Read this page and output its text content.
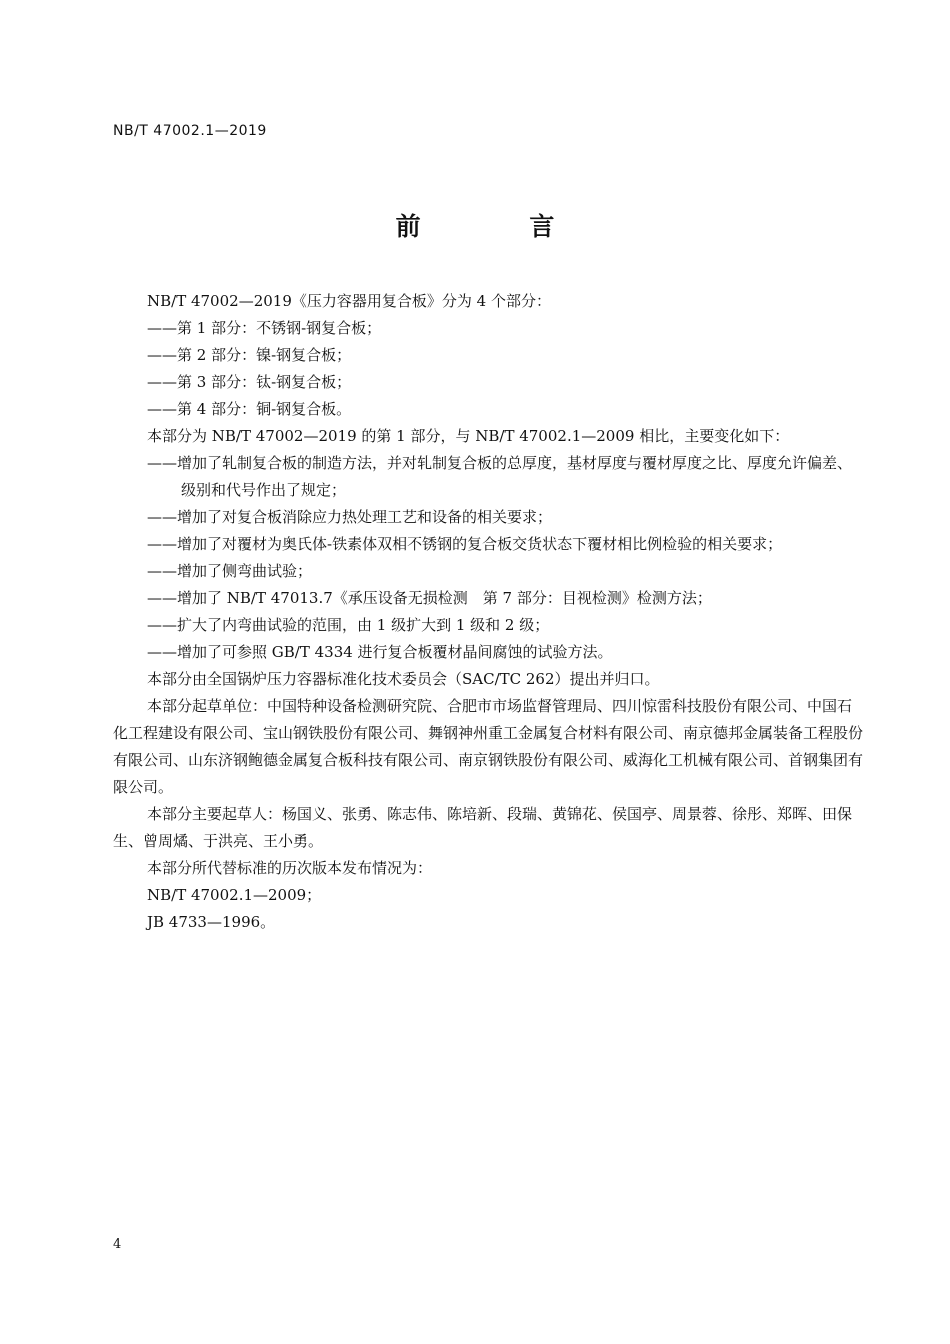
NB/T 47002.1—2019
前 言

NB/T 47002—2019《压力容器用复合板》分为 4 个部分：

——第 1 部分：不锈钢-钢复合板；

——第 2 部分：镍-钢复合板；

——第 3 部分：钛-钢复合板；

——第 4 部分：铜-钢复合板。

本部分为 NB/T 47002—2019 的第 1 部分，与 NB/T 47002.1—2009 相比，主要变化如下：

——增加了轧制复合板的制造方法，并对轧制复合板的总厚度，基材厚度与覆材厚度之比、厚度允许偏差、级别和代号作出了规定；

——增加了对复合板消除应力热处理工艺和设备的相关要求；

——增加了对覆材为奥氏体-铁素体双相不锈钢的复合板交货状态下覆材相比例检验的相关要求；

——增加了侧弯曲试验；

——增加了 NB/T 47013.7《承压设备无损检测　第 7 部分：目视检测》检测方法；

——扩大了内弯曲试验的范围，由 1 级扩大到 1 级和 2 级；

——增加了可参照 GB/T 4334 进行复合板覆材晶间腐蚀的试验方法。

本部分由全国锅炉压力容器标准化技术委员会（SAC/TC 262）提出并归口。

本部分起草单位：中国特种设备检测研究院、合肥市市场监督管理局、四川惊雷科技股份有限公司、中国石化工程建设有限公司、宝山钢铁股份有限公司、舞钢神州重工金属复合材料有限公司、南京德邦金属装备工程股份有限公司、山东济钢鲍德金属复合板科技有限公司、南京钢铁股份有限公司、威海化工机械有限公司、首钢集团有限公司。

本部分主要起草人：杨国义、张勇、陈志伟、陈培新、段瑞、黄锦花、侯国亭、周景蓉、徐彤、郑晖、田保生、曾周燏、于洪亮、王小勇。

本部分所代替标准的历次版本发布情况为：

NB/T 47002.1—2009；

JB 4733—1996。

4
